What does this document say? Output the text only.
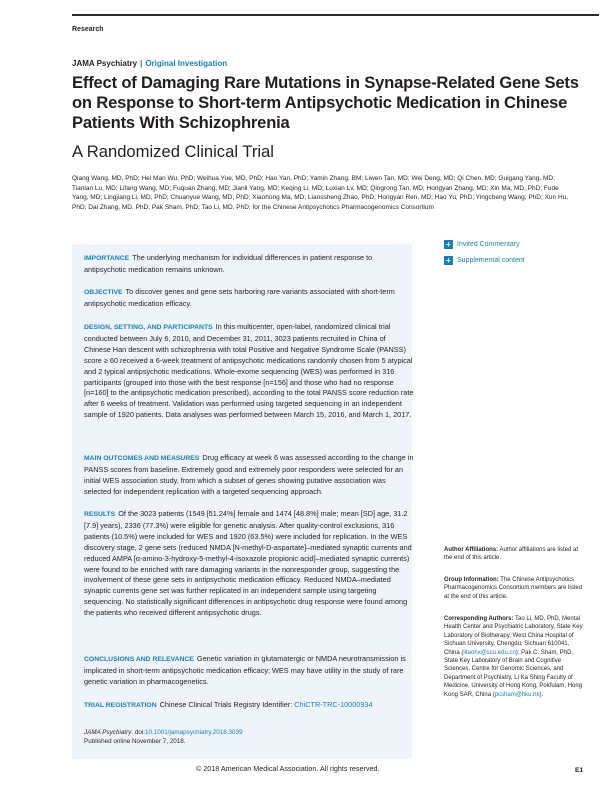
Research
JAMA Psychiatry | Original Investigation
Effect of Damaging Rare Mutations in Synapse-Related Gene Sets on Response to Short-term Antipsychotic Medication in Chinese Patients With Schizophrenia
A Randomized Clinical Trial
Qiang Wang, MD, PhD; Hei Man Wu, PhD; Weihua Yue, MD, PhD; Hao Yan, PhD; Yamin Zhang, BM; Liwen Tan, MD; Wei Deng, MD; Qi Chen, MD; Guigang Yang, MD; Tianlan Lu, MD; Lifang Wang, MD; Fuquan Zhang, MD; Jianli Yang, MD; Keqing Li, MD; Luxian Lv, MD; Qingrong Tan, MD; Hongyan Zhang, MD; Xin Ma, MD, PhD; Fude Yang, MD; Lingjiang Li, MD, PhD; Chuanyue Wang, MD, PhD; Xiaohong Ma, MD; Lianssheng Zhao, PhD; Hongyan Ren, MD; Hao Yu, PhD; Yingcheng Wang, PhD; Xun Hu, PhD; Dai Zhang, MD, PhD; Pak Sham, PhD; Tao Li, MD, PhD; for the Chinese Antipsychotics Pharmacogenomics Consortium
IMPORTANCE The underlying mechanism for individual differences in patient response to antipsychotic medication remains unknown.
OBJECTIVE To discover genes and gene sets harboring rare variants associated with short-term antipsychotic medication efficacy.
DESIGN, SETTING, AND PARTICIPANTS In this multicenter, open-label, randomized clinical trial conducted between July 6, 2010, and December 31, 2011, 3023 patients recruited in China of Chinese Han descent with schizophrenia with total Positive and Negative Syndrome Scale (PANSS) score ≥ 60 received a 6-week treatment of antipsychotic medications randomly chosen from 5 atypical and 2 typical antipsychotic medications. Whole-exome sequencing (WES) was performed in 316 participants (grouped into those with the best response [n=156] and those who had no response [n=160] to the antipsychotic medication prescribed), according to the total PANSS score reduction rate after 6 weeks of treatment. Validation was performed using targeted sequencing in an independent sample of 1920 patients. Data analyses was performed between March 15, 2016, and March 1, 2017.
MAIN OUTCOMES AND MEASURES Drug efficacy at week 6 was assessed according to the change in PANSS scores from baseline. Extremely good and extremely poor responders were selected for an initial WES association study, from which a subset of genes showing putative association was selected for independent replication with a targeted sequencing approach.
RESULTS Of the 3023 patients (1549 [51.24%] female and 1474 [48.8%] male; mean [SD] age, 31.2 [7.9] years), 2336 (77.3%) were eligible for genetic analysis. After quality-control exclusions, 316 patients (10.5%) were included for WES and 1920 (63.5%) were included for replication. In the WES discovery stage, 2 gene sets (reduced NMDA [N-methyl-D-aspartate]–mediated synaptic currents and reduced AMPA [α-amino-3-hydroxy-5-methyl-4-isoxazole propionic acid]–mediated synaptic currents) were found to be enriched with rare damaging variants in the nonresponder group, suggesting the involvement of these gene sets in antipsychotic medication efficacy. Reduced NMDA–mediated synaptic currents gene set was further replicated in an independent sample using targeting sequencing. No statistically significant differences in antipsychotic drug response were found among the patients who received different antipsychotic drugs.
CONCLUSIONS AND RELEVANCE Genetic variation in glutamatergic or NMDA neurotransmission is implicated in short-term antipsychotic medication efficacy; WES may have utility in the study of rare genetic variation in pharmacogenetics.
TRIAL REGISTRATION Chinese Clinical Trials Registry Identifier: ChiCTR-TRC-10000934
JAMA Psychiatry. doi:10.1001/jamapsychiatry.2018.3039
Published online November 7, 2018.
+ Invited Commentary
+ Supplemental content
Author Affiliations: Author affiliations are listed at the end of this article.
Group Information: The Chinese Antipsychotics Pharmacogenomics Consortium members are listed at the end of this article.
Corresponding Authors: Tao Li, MD, PhD, Mental Health Center and Psychiatric Laboratory, State Key Laboratory of Biotherapy, West China Hospital of Sichuan University, Chengdu, Sichuan 610041, China (litaohx@scu.edu.cn); Pak C. Sham, PhD, State Key Laboratory of Brain and Cognitive Sciences, Centre for Genomic Sciences, and Department of Psychiatry, Li Ka Shing Faculty of Medicine, University of Hong Kong, Pokfulam, Hong Kong SAR, China (pcsham@hku.hk).
© 2018 American Medical Association. All rights reserved.	E1
